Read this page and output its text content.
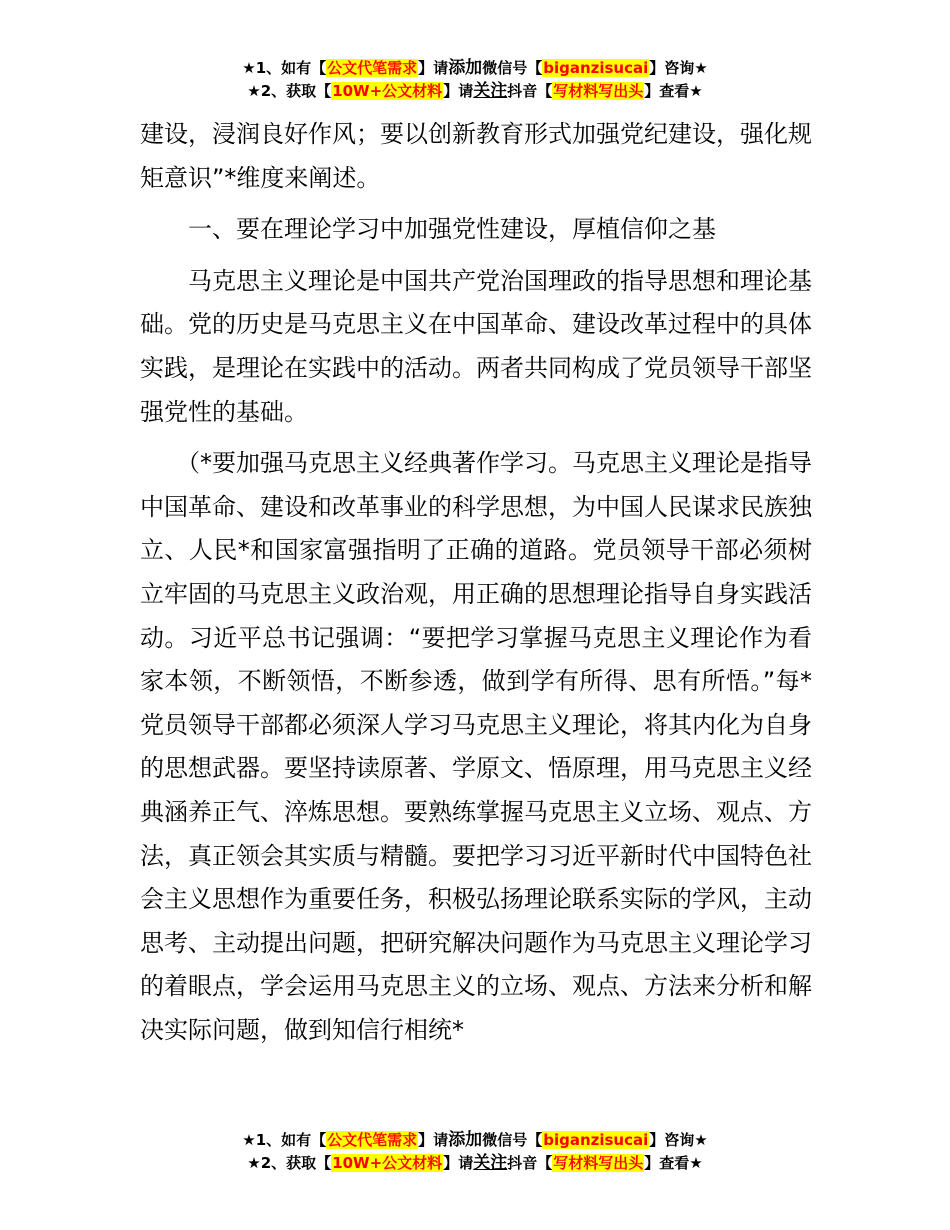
★1、如有【公文代笔需求】请添加微信号【biganzisucai】咨询★
★2、获取【10W+公文材料】请关注抖音【写材料写出头】查看★

建设，浸润良好作风；要以创新教育形式加强党纪建设，强化规矩意识”*维度来阐述。

一、要在理论学习中加强党性建设，厚植信仰之基

马克思主义理论是中国共产党治国理政的指导思想和理论基础。党的历史是马克思主义在中国革命、建设改革过程中的具体实践，是理论在实践中的活动。两者共同构成了党员领导干部坚强党性的基础。

（*要加强马克思主义经典著作学习。马克思主义理论是指导中国革命、建设和改革事业的科学思想，为中国人民谋求民族独立、人民*和国家富强指明了正确的道路。党员领导干部必须树立牢固的马克思主义政治观，用正确的思想理论指导自身实践活动。习近平总书记强调：“要把学习掌握马克思主义理论作为看家本领，不断领悟，不断参透，做到学有所得、思有所悟。”每*党员领导干部都必须深人学习马克思主义理论，将其内化为自身的思想武器。要坚持读原著、学原文、悟原理，用马克思主义经典涵养正气、淬炼思想。要熟练掌握马克思主义立场、观点、方法，真正领会其实质与精髓。要把学习习近平新时代中国特色社会主义思想作为重要任务，积极弘扬理论联系实际的学风，主动思考、主动提出问题，把研究解决问题作为马克思主义理论学习的着眼点，学会运用马克思主义的立场、观点、方法来分析和解决实际问题，做到知信行相统*

★1、如有【公文代笔需求】请添加微信号【biganzisucai】咨询★
★2、获取【10W+公文材料】请关注抖音【写材料写出头】查看★
